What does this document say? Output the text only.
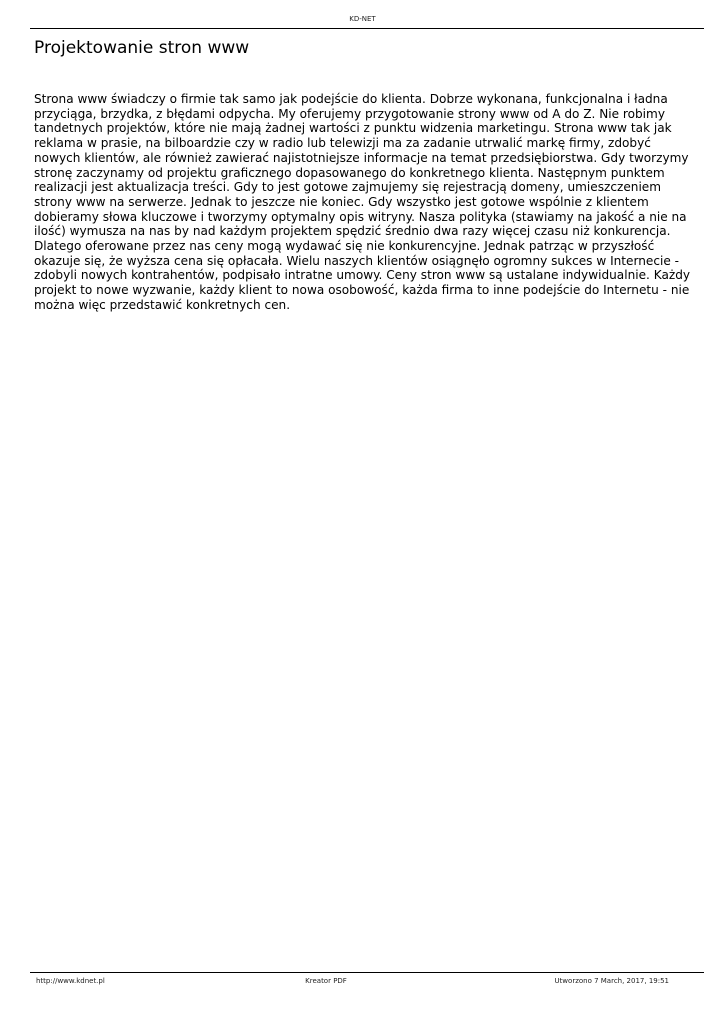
KD-NET
Projektowanie stron www

Strona www świadczy o firmie tak samo jak podejście do klienta. Dobrze wykonana, funkcjonalna i ładna przyciąga, brzydka, z błędami odpycha. My oferujemy przygotowanie strony www od A do Z. Nie robimy tandetnych projektów, które nie mają żadnej wartości z punktu widzenia marketingu. Strona www tak jak reklama w prasie, na bilboardzie czy w radio lub telewizji ma za zadanie utrwalić markę firmy, zdobyć nowych klientów, ale również zawierać najistotniejsze informacje na temat przedsiębiorstwa. Gdy tworzymy stronę zaczynamy od projektu graficznego dopasowanego do konkretnego klienta. Następnym punktem realizacji jest aktualizacja treści. Gdy to jest gotowe zajmujemy się rejestracją domeny, umieszczeniem strony www na serwerze. Jednak to jeszcze nie koniec. Gdy wszystko jest gotowe wspólnie z klientem dobieramy słowa kluczowe i tworzymy optymalny opis witryny. Nasza polityka (stawiamy na jakość a nie na ilość) wymusza na nas by nad każdym projektem spędzić średnio dwa razy więcej czasu niż konkurencja. Dlatego oferowane przez nas ceny mogą wydawać się nie konkurencyjne. Jednak patrząc w przyszłość okazuje się, że wyższa cena się opłacała. Wielu naszych klientów osiągnęło ogromny sukces w Internecie - zdobyli nowych kontrahentów, podpisało intratne umowy. Ceny stron www są ustalane indywidualnie. Każdy projekt to nowe wyzwanie, każdy klient to nowa osobowość, każda firma to inne podejście do Internetu - nie można więc przedstawić konkretnych cen.

http://www.kdnet.pl	Kreator PDF	Utworzono 7 March, 2017, 19:51
